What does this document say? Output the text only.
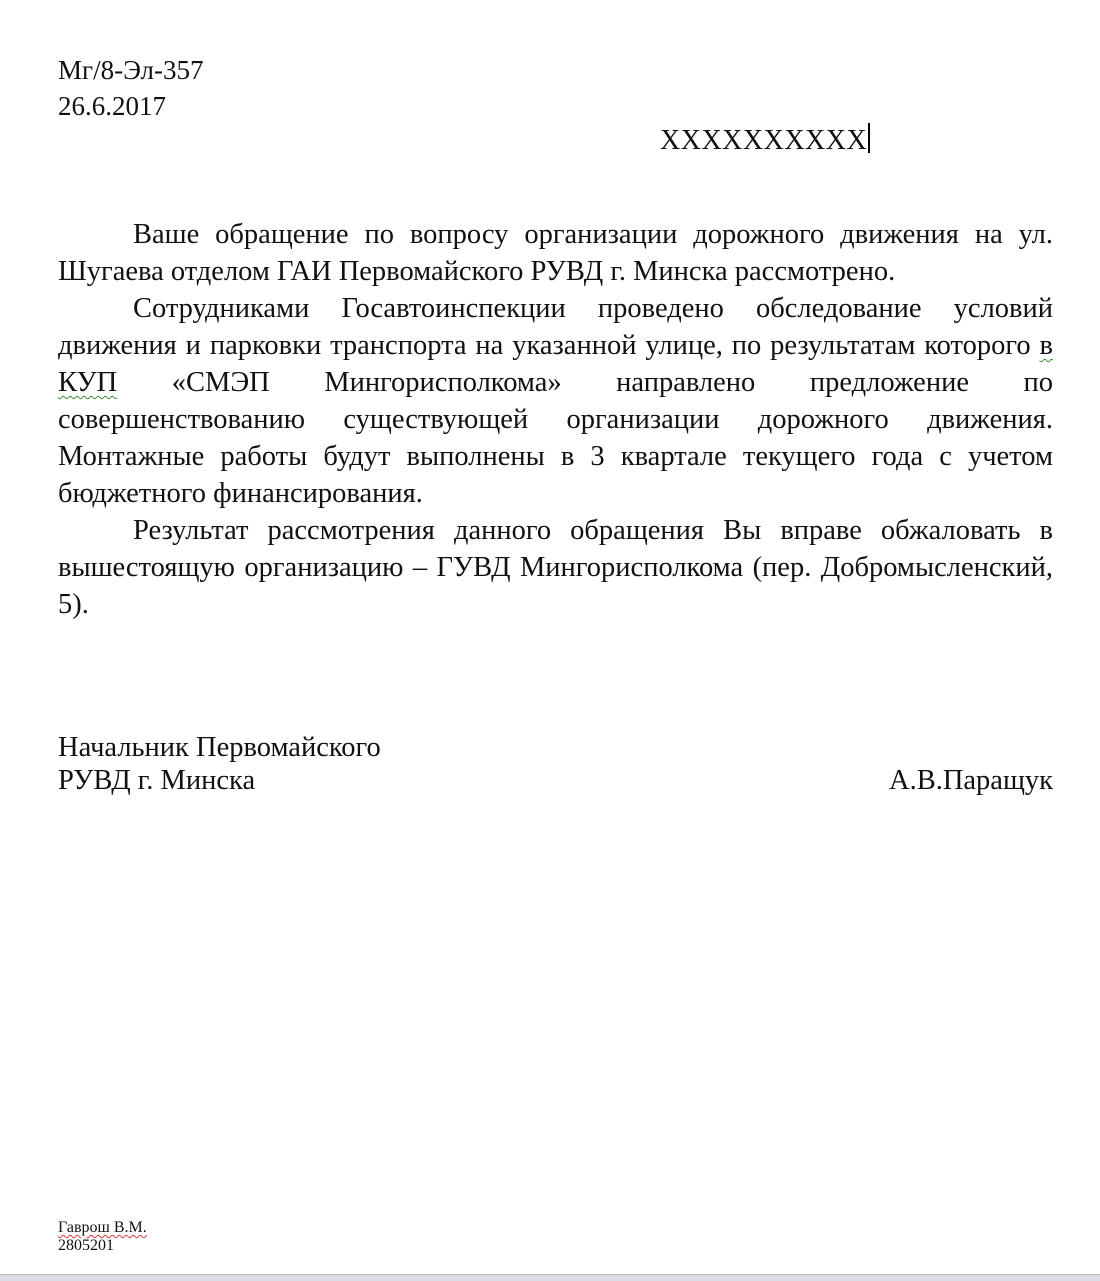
Мг/8-Эл-357
26.6.2017
XXXXXXXXXX

Ваше обращение по вопросу организации дорожного движения на ул. Шугаева отделом ГАИ Первомайского РУВД г. Минска рассмотрено.

Сотрудниками Госавтоинспекции проведено обследование условий движения и парковки транспорта на указанной улице, по результатам которого в КУП «СМЭП Мингорисполкома» направлено предложение по совершенствованию существующей организации дорожного движения. Монтажные работы будут выполнены в 3 квартале текущего года с учетом бюджетного финансирования.

Результат рассмотрения данного обращения Вы вправе обжаловать в вышестоящую организацию – ГУВД Мингорисполкома (пер. Добромысленский, 5).

Начальник Первомайского
РУВД г. Минска	А.В.Паращук
Гаврош В.М.
2805201
